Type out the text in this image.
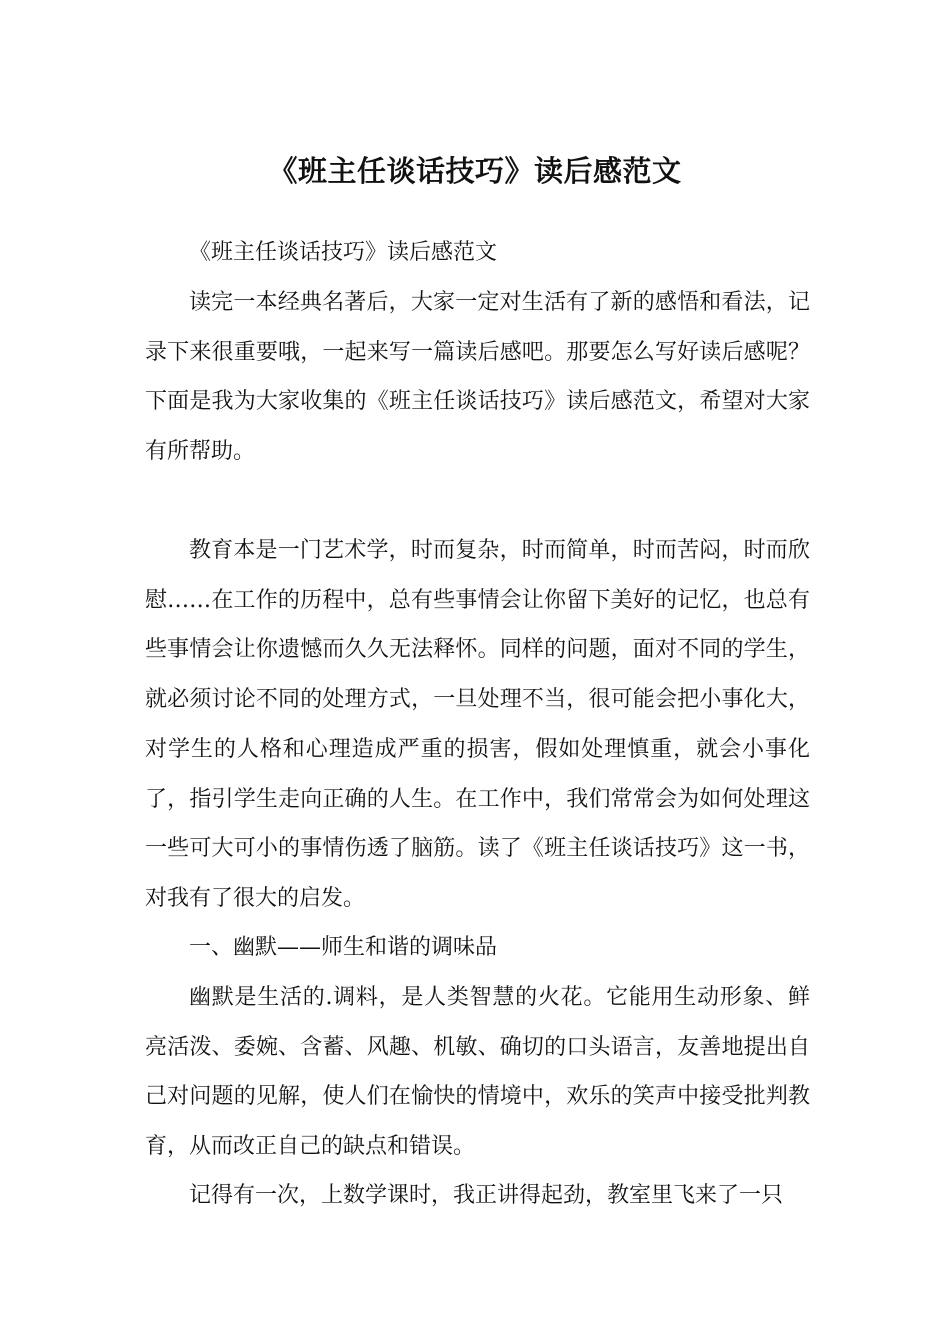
《班主任谈话技巧》读后感范文

《班主任谈话技巧》读后感范文

读完一本经典名著后，大家一定对生活有了新的感悟和看法，记录下来很重要哦，一起来写一篇读后感吧。那要怎么写好读后感呢？下面是我为大家收集的《班主任谈话技巧》读后感范文，希望对大家有所帮助。

教育本是一门艺术学，时而复杂，时而简单，时而苦闷，时而欣慰……在工作的历程中，总有些事情会让你留下美好的记忆，也总有些事情会让你遗憾而久久无法释怀。同样的问题，面对不同的学生，就必须讨论不同的处理方式，一旦处理不当，很可能会把小事化大，对学生的人格和心理造成严重的损害，假如处理慎重，就会小事化了，指引学生走向正确的人生。在工作中，我们常常会为如何处理这一些可大可小的事情伤透了脑筋。读了《班主任谈话技巧》这一书，对我有了很大的启发。

一、幽默——师生和谐的调味品

幽默是生活的.调料，是人类智慧的火花。它能用生动形象、鲜亮活泼、委婉、含蓄、风趣、机敏、确切的口头语言，友善地提出自己对问题的见解，使人们在愉快的情境中，欢乐的笑声中接受批判教育，从而改正自己的缺点和错误。

记得有一次，上数学课时，我正讲得起劲，教室里飞来了一只
